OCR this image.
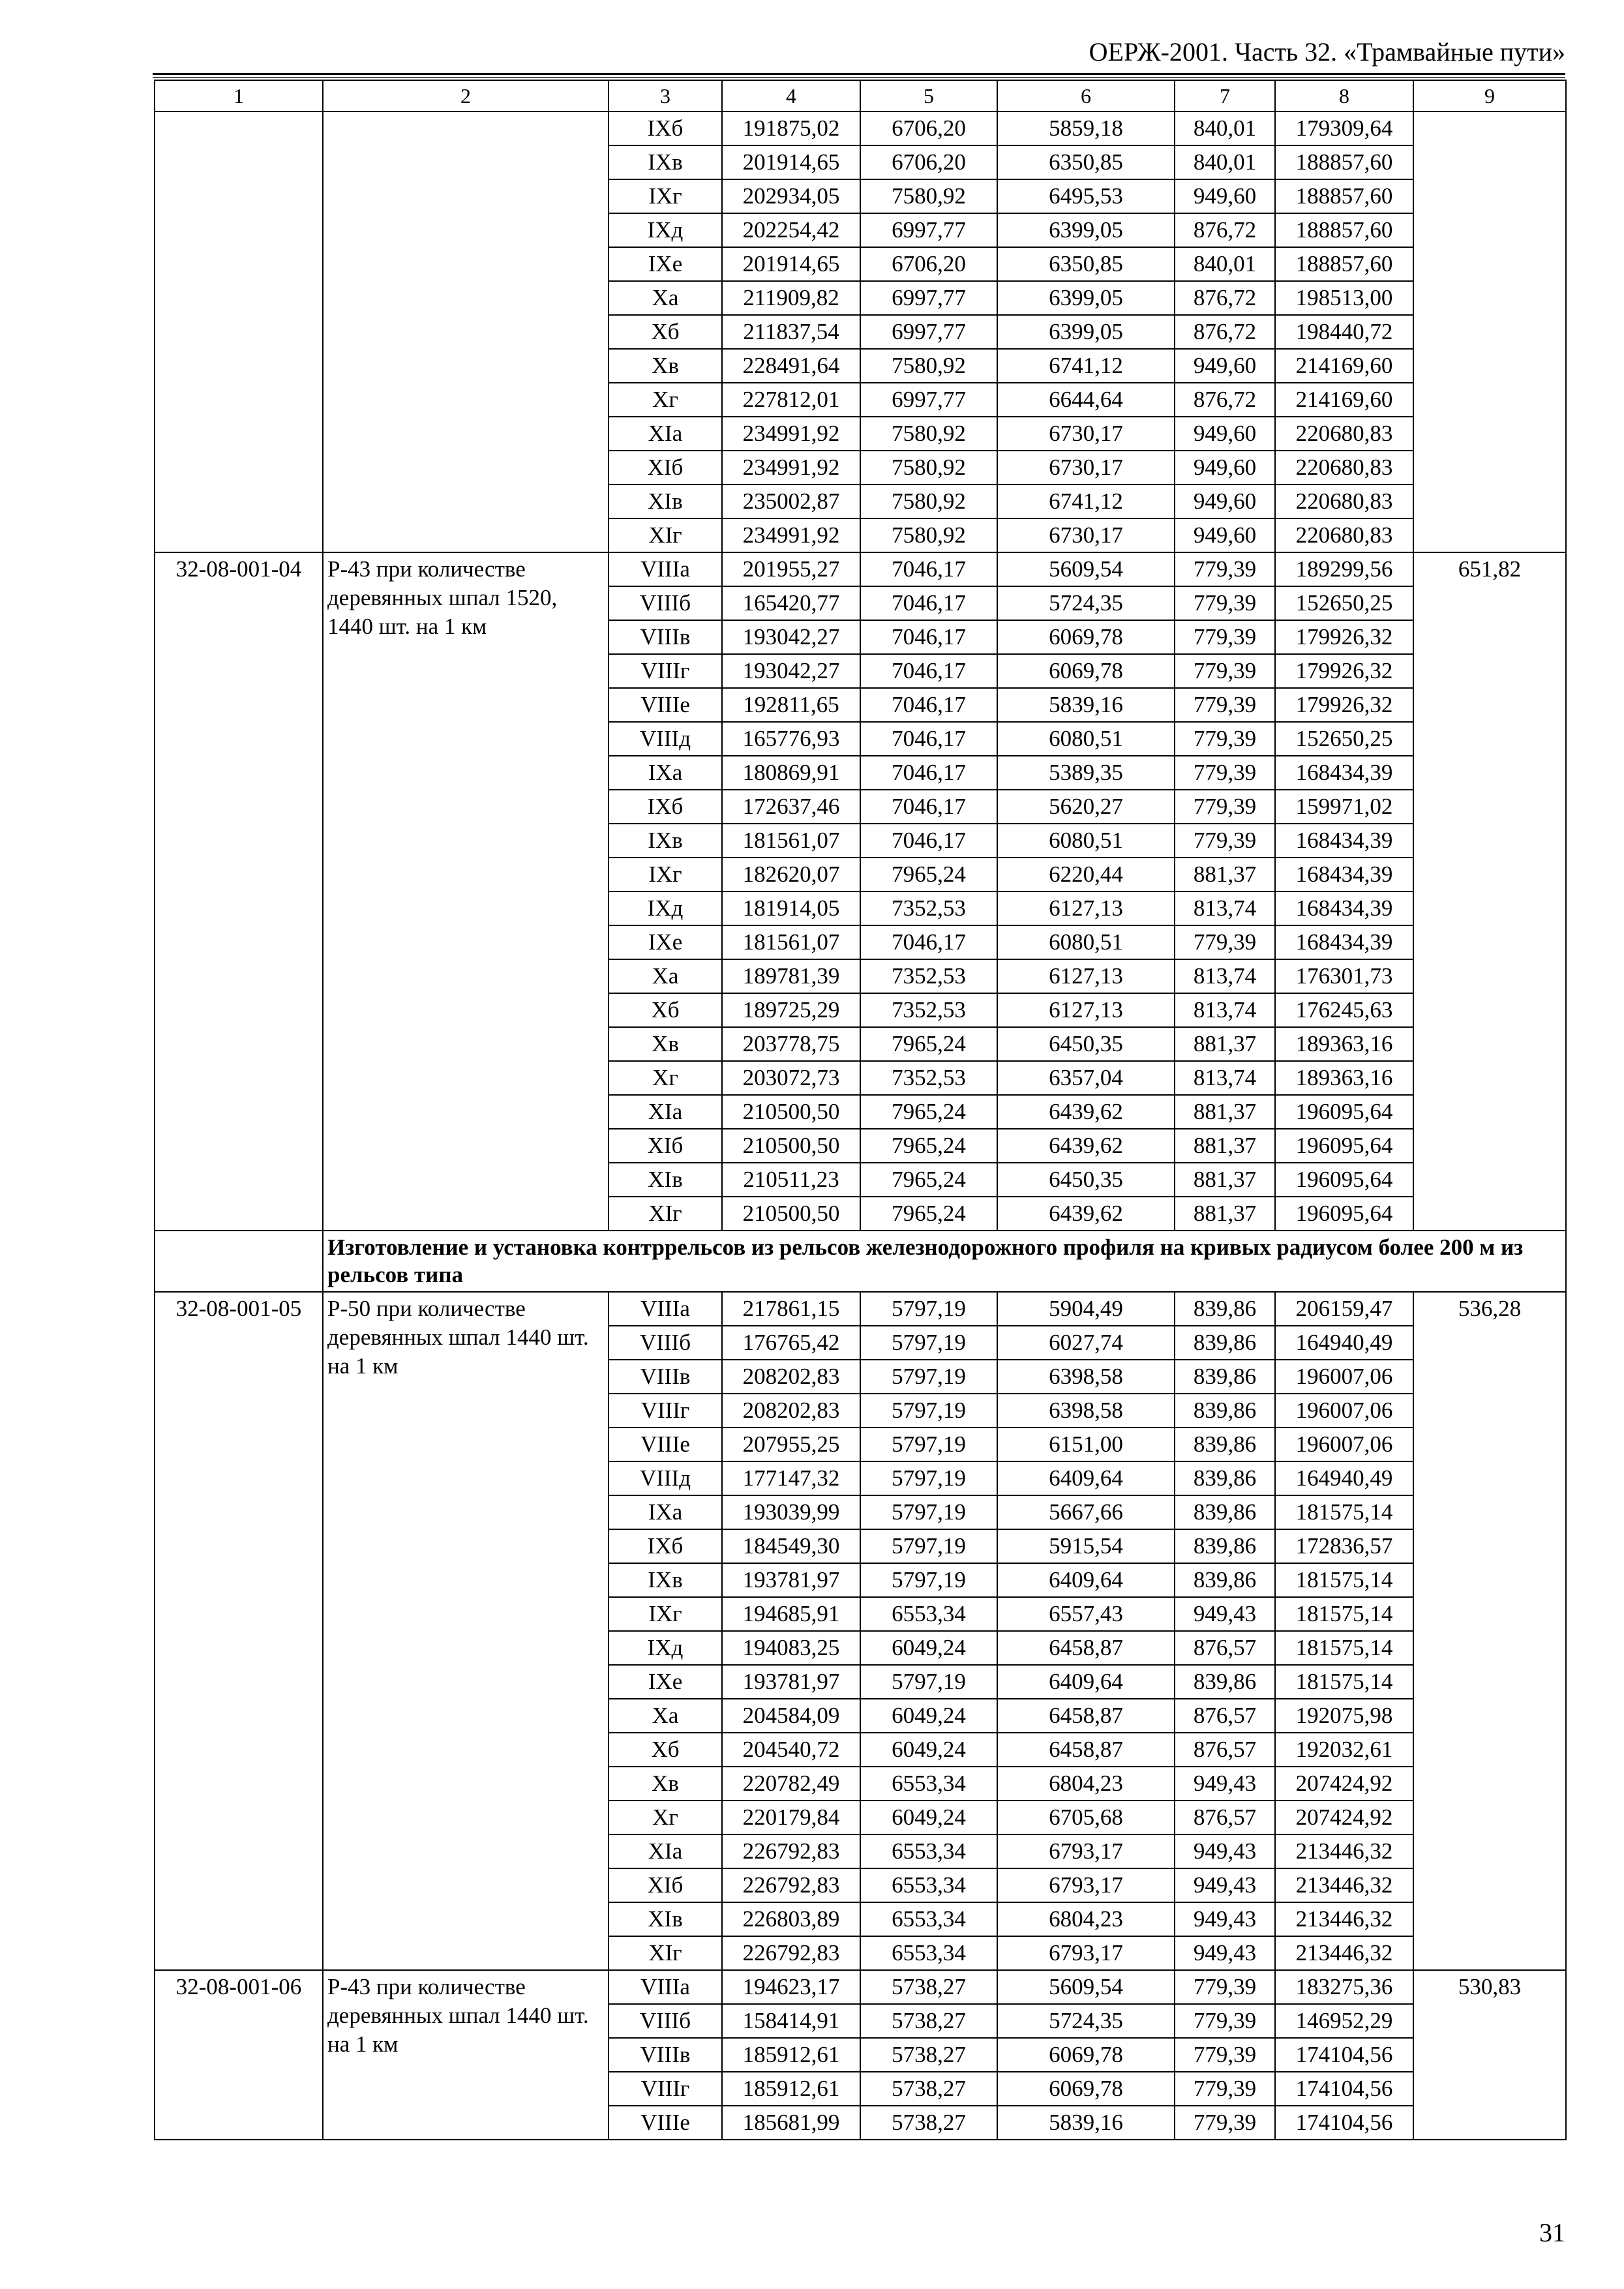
ОЕРЖ-2001. Часть 32. «Трамвайные пути»
1	2	3	4	5	6	7	8	9
		IXб	191875,02	6706,20	5859,18	840,01	179309,64	
		IXв	201914,65	6706,20	6350,85	840,01	188857,60	
		IXг	202934,05	7580,92	6495,53	949,60	188857,60	
		IXд	202254,42	6997,77	6399,05	876,72	188857,60	
		IXе	201914,65	6706,20	6350,85	840,01	188857,60	
		Xа	211909,82	6997,77	6399,05	876,72	198513,00	
		Xб	211837,54	6997,77	6399,05	876,72	198440,72	
		Xв	228491,64	7580,92	6741,12	949,60	214169,60	
		Xг	227812,01	6997,77	6644,64	876,72	214169,60	
		XIа	234991,92	7580,92	6730,17	949,60	220680,83	
		XIб	234991,92	7580,92	6730,17	949,60	220680,83	
		XIв	235002,87	7580,92	6741,12	949,60	220680,83	
		XIг	234991,92	7580,92	6730,17	949,60	220680,83	
32-08-001-04	Р-43 при количестве деревянных шпал 1520, 1440 шт. на 1 км	VIIIа	201955,27	7046,17	5609,54	779,39	189299,56	651,82
		VIIIб	165420,77	7046,17	5724,35	779,39	152650,25	
		VIIIв	193042,27	7046,17	6069,78	779,39	179926,32	
		VIIIг	193042,27	7046,17	6069,78	779,39	179926,32	
		VIIIе	192811,65	7046,17	5839,16	779,39	179926,32	
		VIIIд	165776,93	7046,17	6080,51	779,39	152650,25	
		IXа	180869,91	7046,17	5389,35	779,39	168434,39	
		IXб	172637,46	7046,17	5620,27	779,39	159971,02	
		IXв	181561,07	7046,17	6080,51	779,39	168434,39	
		IXг	182620,07	7965,24	6220,44	881,37	168434,39	
		IXд	181914,05	7352,53	6127,13	813,74	168434,39	
		IXе	181561,07	7046,17	6080,51	779,39	168434,39	
		Xа	189781,39	7352,53	6127,13	813,74	176301,73	
		Xб	189725,29	7352,53	6127,13	813,74	176245,63	
		Xв	203778,75	7965,24	6450,35	881,37	189363,16	
		Xг	203072,73	7352,53	6357,04	813,74	189363,16	
		XIа	210500,50	7965,24	6439,62	881,37	196095,64	
		XIб	210500,50	7965,24	6439,62	881,37	196095,64	
		XIв	210511,23	7965,24	6450,35	881,37	196095,64	
		XIг	210500,50	7965,24	6439,62	881,37	196095,64	
	Изготовление и установка контррельсов из рельсов железнодорожного профиля на кривых радиусом более 200 м из рельсов типа							
32-08-001-05	Р-50 при количестве деревянных шпал 1440 шт. на 1 км	VIIIа	217861,15	5797,19	5904,49	839,86	206159,47	536,28
		VIIIб	176765,42	5797,19	6027,74	839,86	164940,49	
		VIIIв	208202,83	5797,19	6398,58	839,86	196007,06	
		VIIIг	208202,83	5797,19	6398,58	839,86	196007,06	
		VIIIе	207955,25	5797,19	6151,00	839,86	196007,06	
		VIIIд	177147,32	5797,19	6409,64	839,86	164940,49	
		IXа	193039,99	5797,19	5667,66	839,86	181575,14	
		IXб	184549,30	5797,19	5915,54	839,86	172836,57	
		IXв	193781,97	5797,19	6409,64	839,86	181575,14	
		IXг	194685,91	6553,34	6557,43	949,43	181575,14	
		IXд	194083,25	6049,24	6458,87	876,57	181575,14	
		IXе	193781,97	5797,19	6409,64	839,86	181575,14	
		Xа	204584,09	6049,24	6458,87	876,57	192075,98	
		Xб	204540,72	6049,24	6458,87	876,57	192032,61	
		Xв	220782,49	6553,34	6804,23	949,43	207424,92	
		Xг	220179,84	6049,24	6705,68	876,57	207424,92	
		XIа	226792,83	6553,34	6793,17	949,43	213446,32	
		XIб	226792,83	6553,34	6793,17	949,43	213446,32	
		XIв	226803,89	6553,34	6804,23	949,43	213446,32	
		XIг	226792,83	6553,34	6793,17	949,43	213446,32	
32-08-001-06	Р-43 при количестве деревянных шпал 1440 шт. на 1 км	VIIIа	194623,17	5738,27	5609,54	779,39	183275,36	530,83
		VIIIб	158414,91	5738,27	5724,35	779,39	146952,29	
		VIIIв	185912,61	5738,27	6069,78	779,39	174104,56	
		VIIIг	185912,61	5738,27	6069,78	779,39	174104,56	
		VIIIе	185681,99	5738,27	5839,16	779,39	174104,56	
31
